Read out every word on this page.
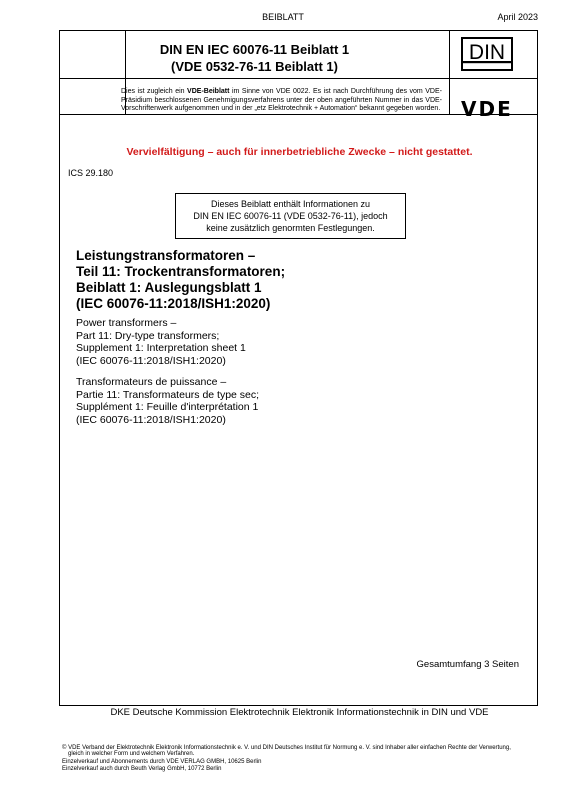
BEIBLATT	April 2023
DIN EN IEC 60076-11 Beiblatt 1
(VDE 0532-76-11 Beiblatt 1)
DIN
Dies ist zugleich ein VDE-Beiblatt im Sinne von VDE 0022. Es ist nach Durchführung des vom VDE-Präsidium beschlossenen Genehmigungsverfahrens unter der oben angeführten Nummer in das VDE-Vorschriftenwerk aufgenommen und in der „etz Elektrotechnik + Automation“ bekannt gegeben worden. VDE
Vervielfältigung – auch für innerbetriebliche Zwecke – nicht gestattet.
ICS 29.180
Dieses Beiblatt enthält Informationen zu
DIN EN IEC 60076-11 (VDE 0532-76-11), jedoch
keine zusätzlich genormten Festlegungen.
Leistungstransformatoren –
Teil 11: Trockentransformatoren;
Beiblatt 1: Auslegungsblatt 1
(IEC 60076-11:2018/ISH1:2020)
Power transformers –
Part 11: Dry-type transformers;
Supplement 1: Interpretation sheet 1
(IEC 60076-11:2018/ISH1:2020)
Transformateurs de puissance –
Partie 11: Transformateurs de type sec;
Supplément 1: Feuille d'interprétation 1
(IEC 60076-11:2018/ISH1:2020)
Gesamtumfang 3 Seiten
DKE Deutsche Kommission Elektrotechnik Elektronik Informationstechnik in DIN und VDE
© VDE Verband der Elektrotechnik Elektronik Informationstechnik e. V. und DIN Deutsches Institut für Normung e. V. sind Inhaber aller einfachen Rechte der Verwertung,
gleich in welcher Form und welchem Verfahren.
Einzelverkauf und Abonnements durch VDE VERLAG GMBH, 10625 Berlin
Einzelverkauf auch durch Beuth Verlag GmbH, 10772 Berlin
